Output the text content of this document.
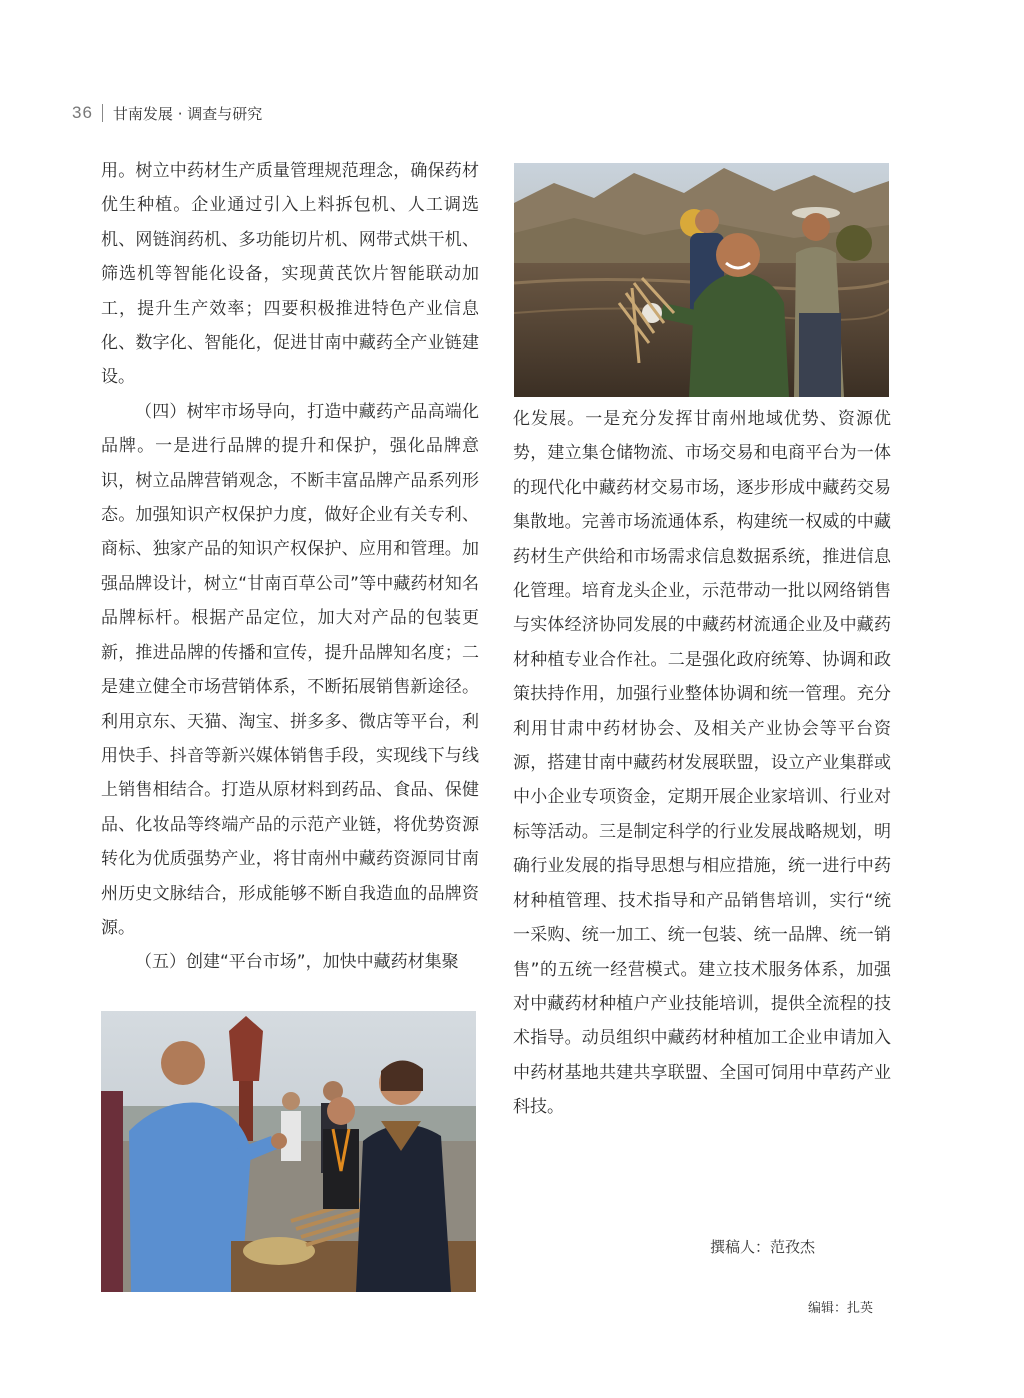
36 甘南发展 · 调查与研究

用。树立中药材生产质量管理规范理念，确保药材优生种植。企业通过引入上料拆包机、人工调选机、网链润药机、多功能切片机、网带式烘干机、筛选机等智能化设备，实现黄芪饮片智能联动加工，提升生产效率；四要积极推进特色产业信息化、数字化、智能化，促进甘南中藏药全产业链建设。

（四）树牢市场导向，打造中藏药产品高端化品牌。一是进行品牌的提升和保护，强化品牌意识，树立品牌营销观念，不断丰富品牌产品系列形态。加强知识产权保护力度，做好企业有关专利、商标、独家产品的知识产权保护、应用和管理。加强品牌设计，树立“甘南百草公司”等中藏药材知名品牌标杆。根据产品定位，加大对产品的包装更新，推进品牌的传播和宣传，提升品牌知名度；二是建立健全市场营销体系，不断拓展销售新途径。利用京东、天猫、淘宝、拼多多、微店等平台，利用快手、抖音等新兴媒体销售手段，实现线下与线上销售相结合。打造从原材料到药品、食品、保健品、化妆品等终端产品的示范产业链，将优势资源转化为优质强势产业，将甘南州中藏药资源同甘南州历史文脉结合，形成能够不断自我造血的品牌资源。

（五）创建“平台市场”，加快中藏药材集聚

化发展。一是充分发挥甘南州地域优势、资源优势，建立集仓储物流、市场交易和电商平台为一体的现代化中藏药材交易市场，逐步形成中藏药交易集散地。完善市场流通体系，构建统一权威的中藏药材生产供给和市场需求信息数据系统，推进信息化管理。培育龙头企业，示范带动一批以网络销售与实体经济协同发展的中藏药材流通企业及中藏药材种植专业合作社。二是强化政府统筹、协调和政策扶持作用，加强行业整体协调和统一管理。充分利用甘肃中药材协会、及相关产业协会等平台资源，搭建甘南中藏药材发展联盟，设立产业集群或中小企业专项资金，定期开展企业家培训、行业对标等活动。三是制定科学的行业发展战略规划，明确行业发展的指导思想与相应措施，统一进行中药材种植管理、技术指导和产品销售培训，实行“统一采购、统一加工、统一包装、统一品牌、统一销售”的五统一经营模式。建立技术服务体系，加强对中藏药材种植户产业技能培训，提供全流程的技术指导。动员组织中藏药材种植加工企业申请加入中药材基地共建共享联盟、全国可饲用中草药产业科技。

撰稿人：范孜杰
编辑：扎英
